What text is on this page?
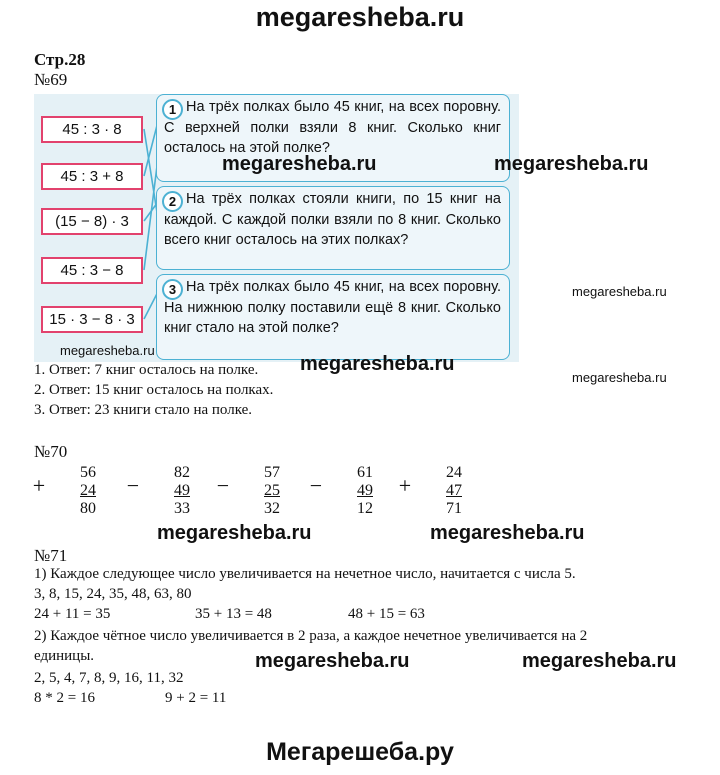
megaresheba.ru
Стр.28
№69
45 : 3 · 8
45 : 3 + 8
(15 − 8) · 3
45 : 3 − 8
15 · 3 − 8 · 3
1 На трёх полках было 45 книг, на всех поровну. С верхней полки взяли 8 книг. Сколько книг осталось на этой полке?
2 На трёх полках стояли книги, по 15 книг на каждой. С каждой полки взяли по 8 книг. Сколько всего книг осталось на этих полках?
3 На трёх полках было 45 книг, на всех поровну. На нижнюю полку поставили ещё 8 книг. Сколько книг стало на этой полке?
1. Ответ: 7 книг осталось на полке.
2. Ответ: 15 книг осталось на полках.
3. Ответ: 23 книги стало на полке.
№70
+
56
24
80
−
82
49
33
−
57
25
32
−
61
49
12
+
24
47
71
№71
1) Каждое следующее число увеличивается на нечетное число, начитается с числа 5.
3, 8, 15, 24, 35, 48, 63, 80
24 + 11 = 35	35 + 13 = 48	48 + 15 = 63
2) Каждое чётное число увеличивается в 2 раза, а каждое нечетное увеличивается на 2
единицы.
2, 5, 4, 7, 8, 9, 16, 11, 32
8 * 2 = 16	9 + 2 = 11
megaresheba.ru	megaresheba.ru
megaresheba.ru
megaresheba.ru
megaresheba.ru
megaresheba.ru
megaresheba.ru	megaresheba.ru
megaresheba.ru	megaresheba.ru
Мегарешеба.ру
